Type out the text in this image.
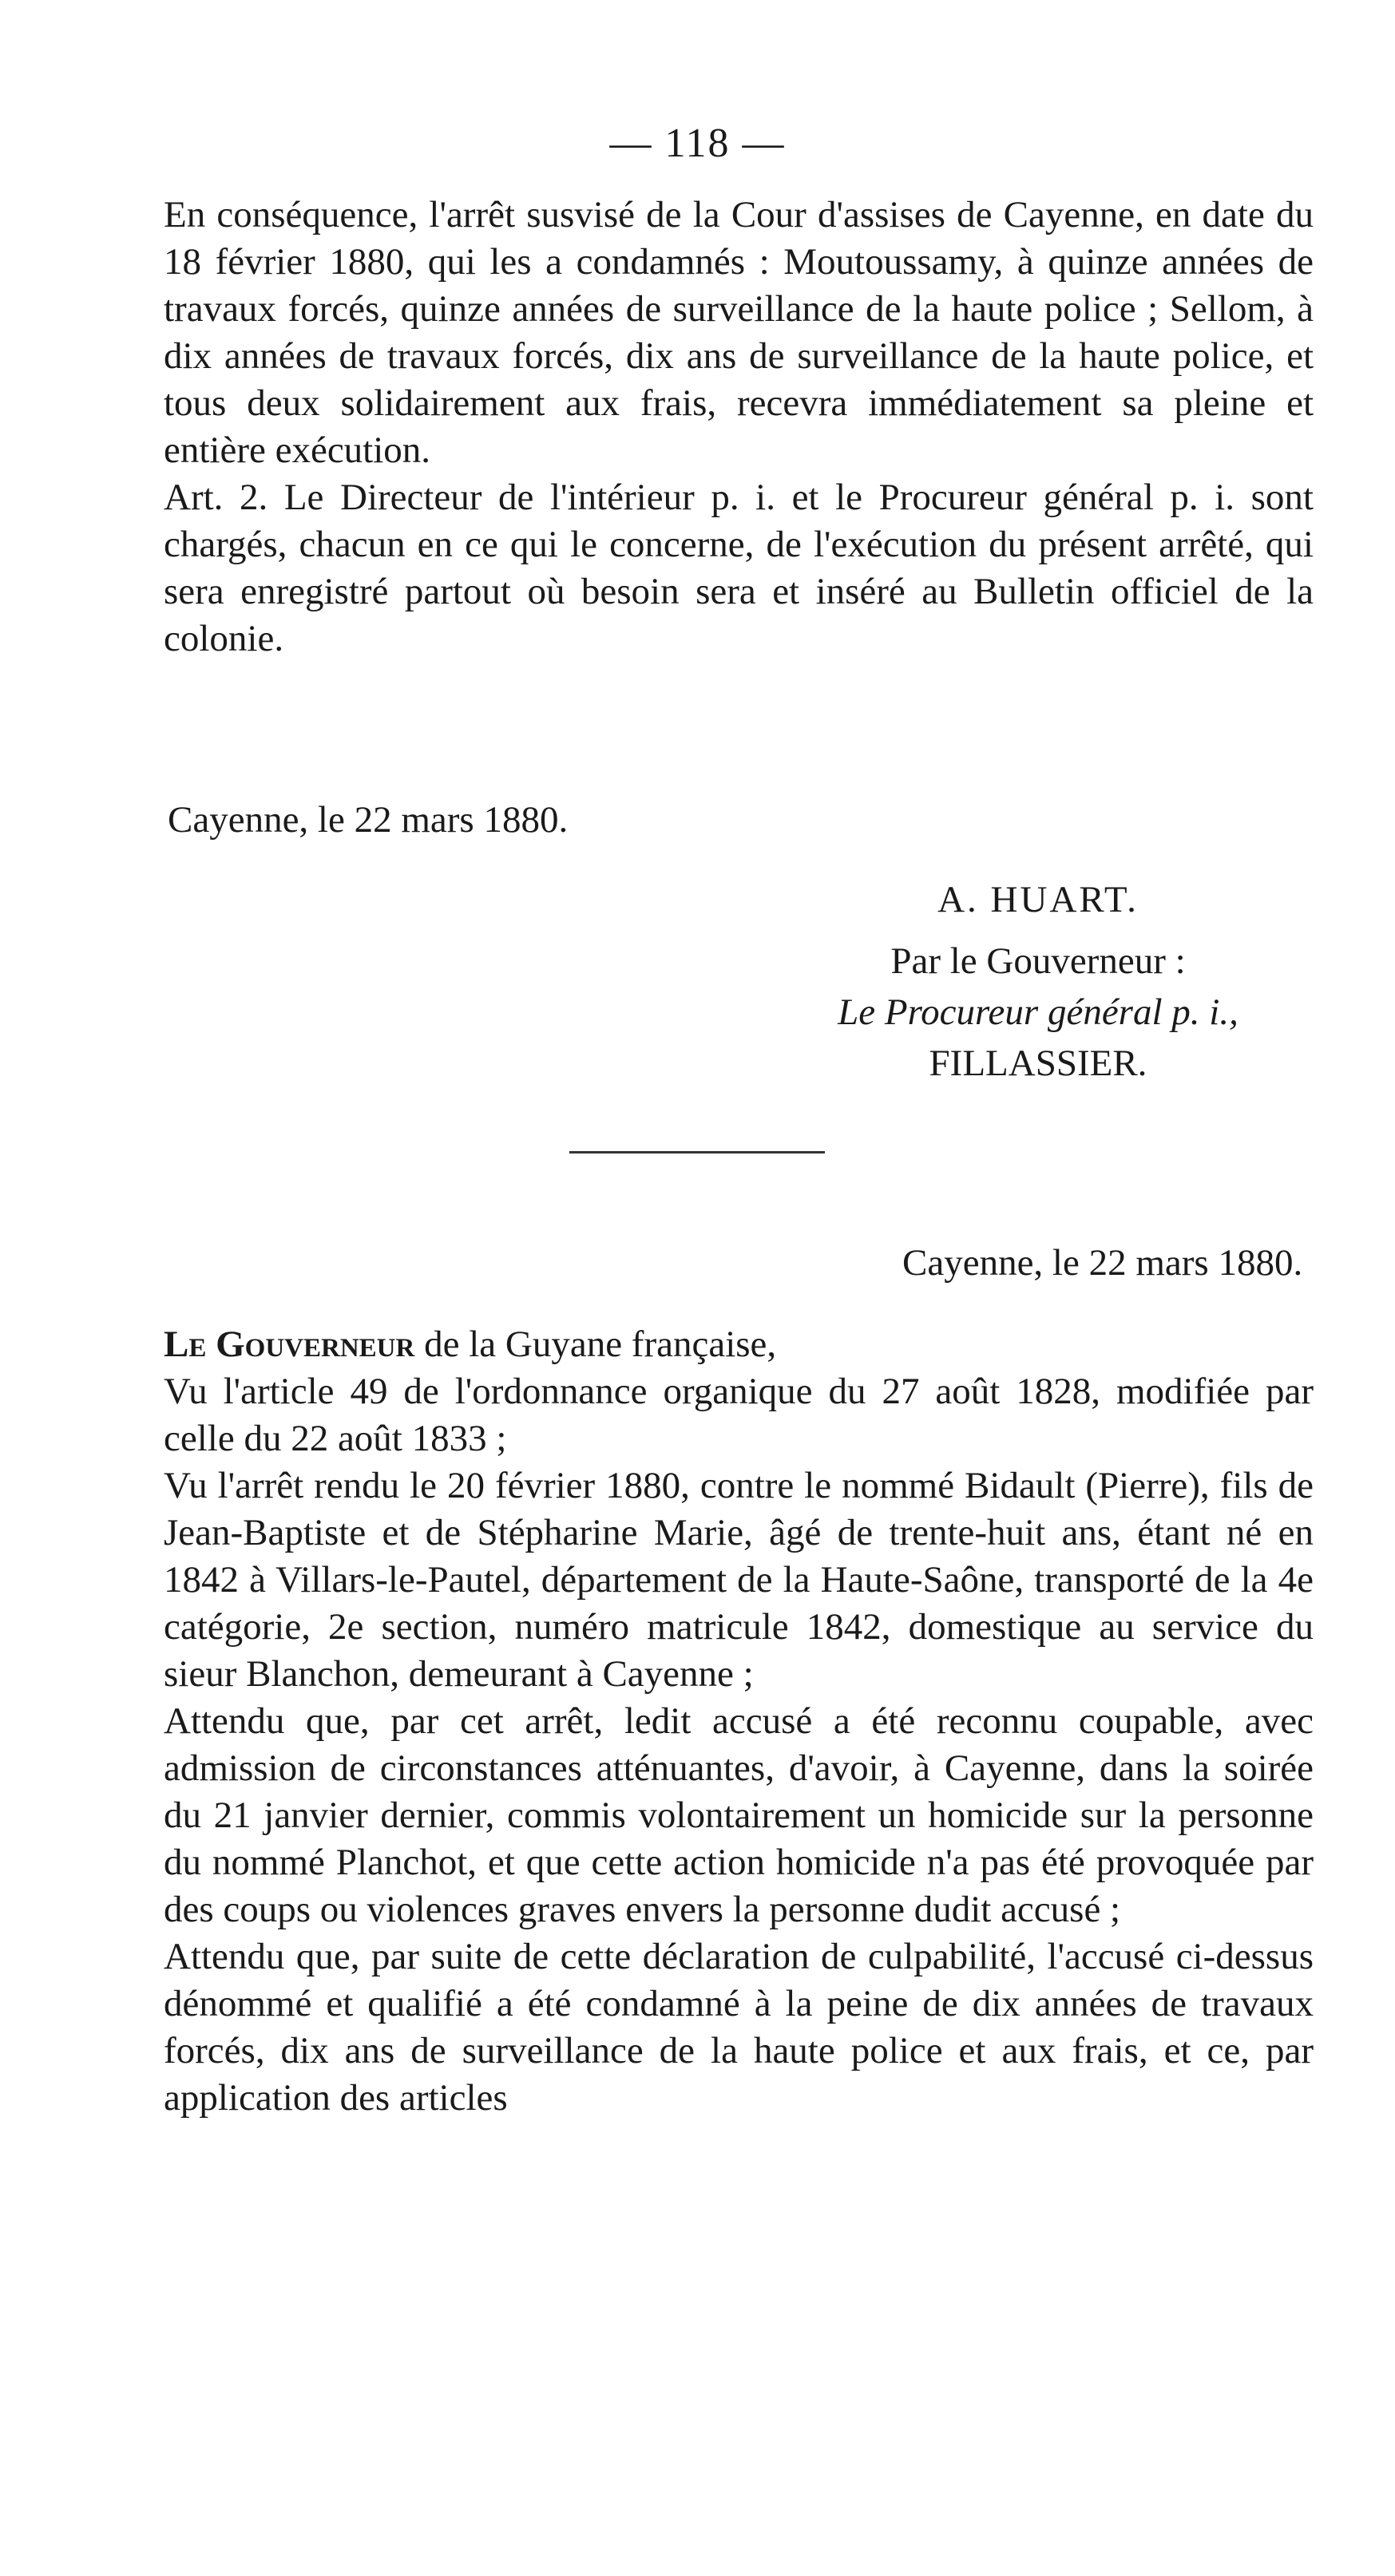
— 118 —

En conséquence, l'arrêt susvisé de la Cour d'assises de Cayenne, en date du 18 février 1880, qui les a condamnés : Moutoussamy, à quinze années de travaux forcés, quinze années de surveillance de la haute police ; Sellom, à dix années de travaux forcés, dix ans de surveillance de la haute police, et tous deux solidairement aux frais, recevra immédiatement sa pleine et entière exécution.

Art. 2. Le Directeur de l'intérieur p. i. et le Procureur général p. i. sont chargés, chacun en ce qui le concerne, de l'exécution du présent arrêté, qui sera enregistré partout où besoin sera et inséré au Bulletin officiel de la colonie.

Cayenne, le 22 mars 1880.
A. HUART.
Par le Gouverneur :
Le Procureur général p. i.,
FILLASSIER.
Cayenne, le 22 mars 1880.

Le Gouverneur de la Guyane française,

Vu l'article 49 de l'ordonnance organique du 27 août 1828, modifiée par celle du 22 août 1833 ;

Vu l'arrêt rendu le 20 février 1880, contre le nommé Bidault (Pierre), fils de Jean-Baptiste et de Stépharine Marie, âgé de trente-huit ans, étant né en 1842 à Villars-le-Pautel, département de la Haute-Saône, transporté de la 4e catégorie, 2e section, numéro matricule 1842, domestique au service du sieur Blanchon, demeurant à Cayenne ;

Attendu que, par cet arrêt, ledit accusé a été reconnu coupable, avec admission de circonstances atténuantes, d'avoir, à Cayenne, dans la soirée du 21 janvier dernier, commis volontairement un homicide sur la personne du nommé Planchot, et que cette action homicide n'a pas été provoquée par des coups ou violences graves envers la personne dudit accusé ;

Attendu que, par suite de cette déclaration de culpabilité, l'accusé ci-dessus dénommé et qualifié a été condamné à la peine de dix années de travaux forcés, dix ans de surveillance de la haute police et aux frais, et ce, par application des articles
